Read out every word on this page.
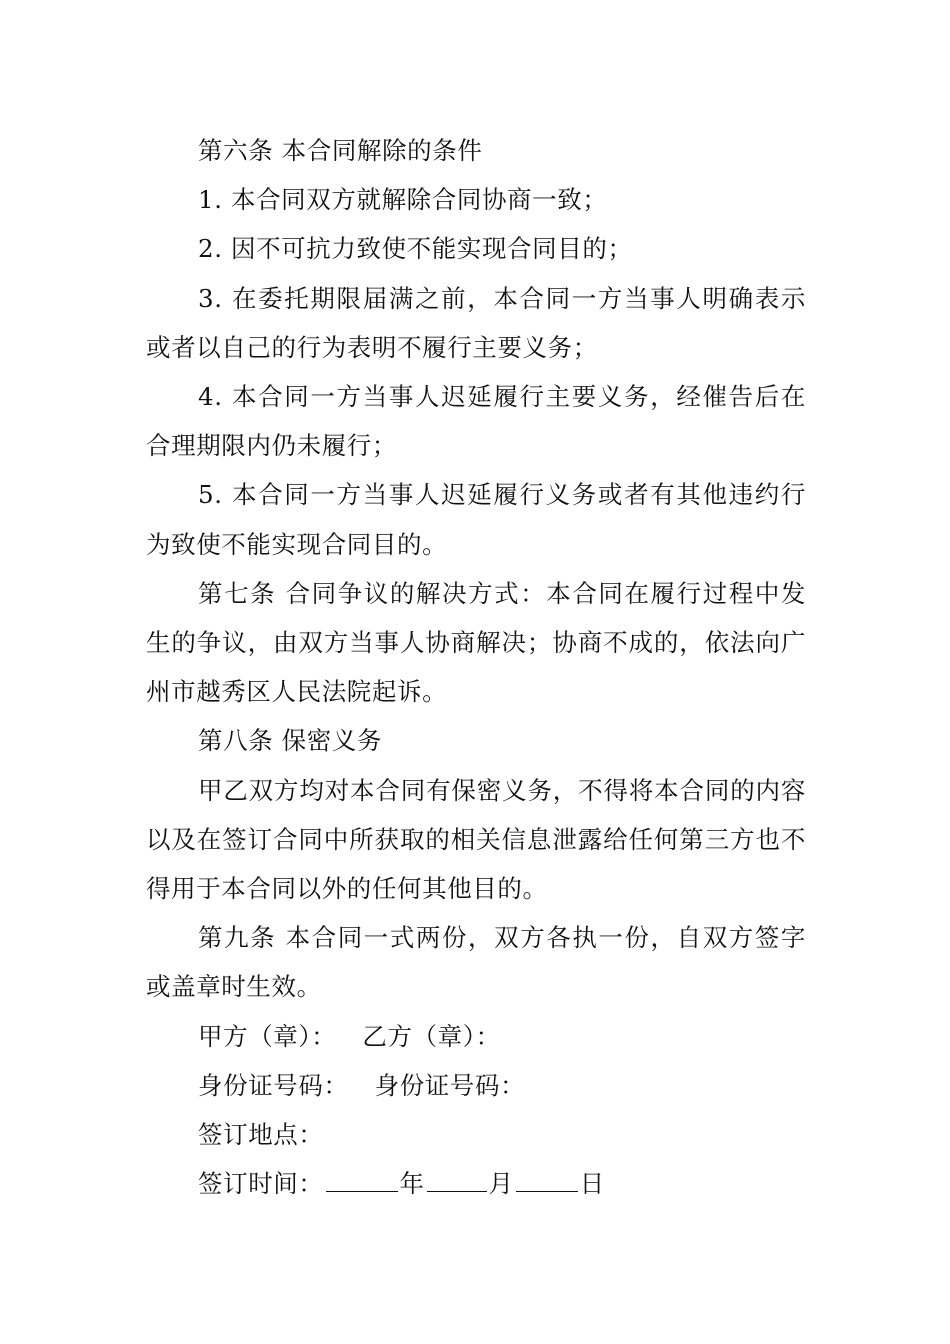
第六条 本合同解除的条件

1. 本合同双方就解除合同协商一致；

2. 因不可抗力致使不能实现合同目的；

3. 在委托期限届满之前，本合同一方当事人明确表示或者以自己的行为表明不履行主要义务；

4. 本合同一方当事人迟延履行主要义务，经催告后在合理期限内仍未履行；

5. 本合同一方当事人迟延履行义务或者有其他违约行为致使不能实现合同目的。

第七条 合同争议的解决方式：本合同在履行过程中发生的争议，由双方当事人协商解决；协商不成的，依法向广州市越秀区人民法院起诉。

第八条 保密义务

甲乙双方均对本合同有保密义务，不得将本合同的内容以及在签订合同中所获取的相关信息泄露给任何第三方也不得用于本合同以外的任何其他目的。

第九条 本合同一式两份，双方各执一份，自双方签字或盖章时生效。

甲方（章）： 乙方（章）：

身份证号码： 身份证号码：

签订地点：

签订时间：	年	月	日
